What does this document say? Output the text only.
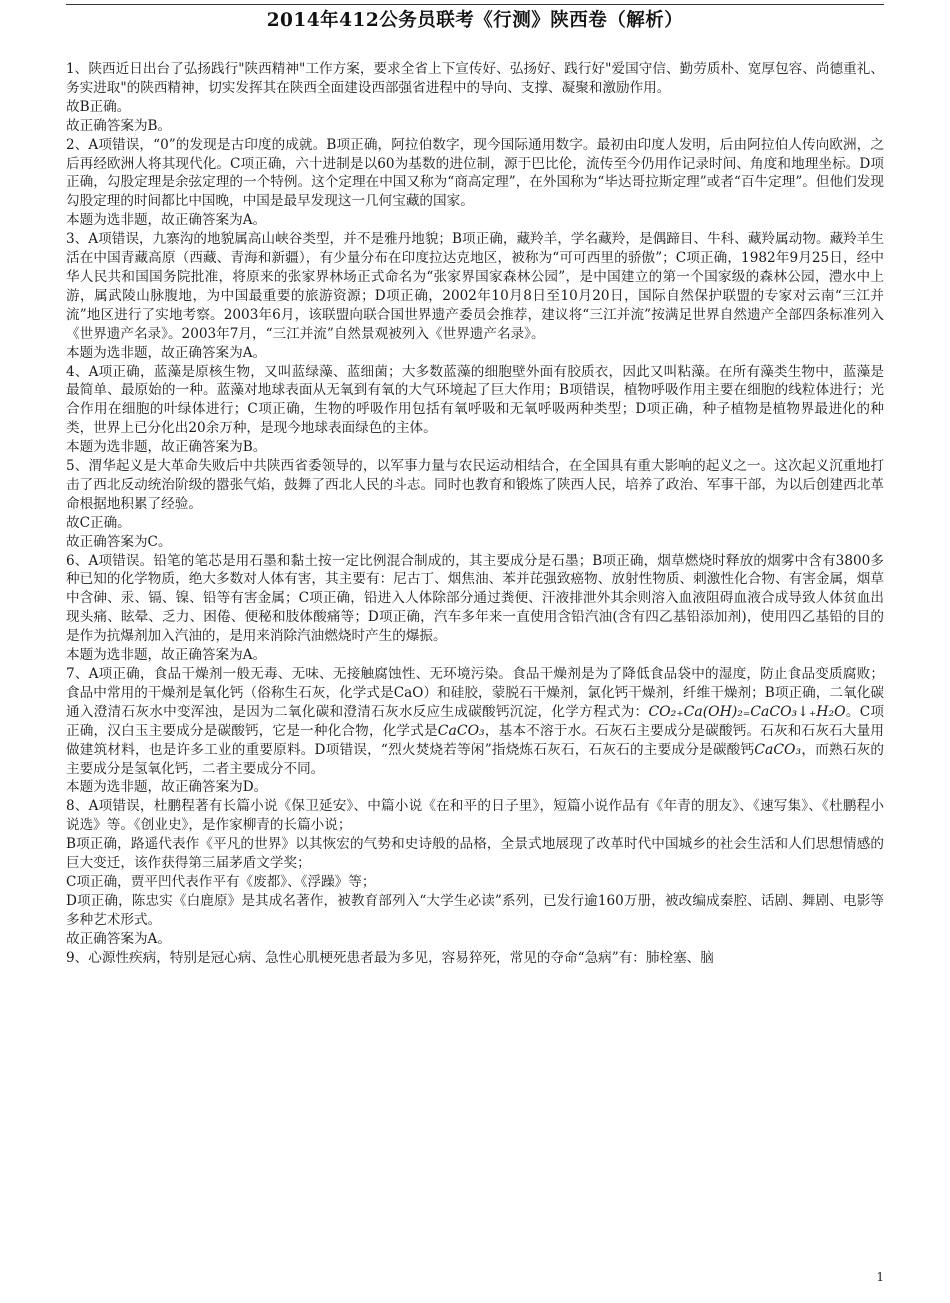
2014年412公务员联考《行测》陕西卷（解析）

1、陕西近日出台了弘扬践行"陕西精神"工作方案，要求全省上下宣传好、弘扬好、践行好"爱国守信、勤劳质朴、宽厚包容、尚德重礼、务实进取"的陕西精神，切实发挥其在陕西全面建设西部强省进程中的导向、支撑、凝聚和激励作用。

故B正确。

故正确答案为B。

2、A项错误，“0”的发现是古印度的成就。B项正确，阿拉伯数字，现今国际通用数字。最初由印度人发明，后由阿拉伯人传向欧洲，之后再经欧洲人将其现代化。C项正确，六十进制是以60为基数的进位制，源于巴比伦，流传至今仍用作记录时间、角度和地理坐标。D项正确，勾股定理是余弦定理的一个特例。这个定理在中国又称为“商高定理”，在外国称为“毕达哥拉斯定理”或者“百牛定理”。但他们发现勾股定理的时间都比中国晚，中国是最早发现这一几何宝藏的国家。

本题为选非题，故正确答案为A。

3、A项错误，九寨沟的地貌属高山峡谷类型，并不是雅丹地貌；B项正确，藏羚羊，学名藏羚，是偶蹄目、牛科、藏羚属动物。藏羚羊生活在中国青藏高原（西藏、青海和新疆），有少量分布在印度拉达克地区，被称为“可可西里的骄傲”；C项正确，1982年9月25日，经中华人民共和国国务院批准，将原来的张家界林场正式命名为“张家界国家森林公园”，是中国建立的第一个国家级的森林公园，澧水中上游，属武陵山脉腹地，为中国最重要的旅游资源；D项正确，2002年10月8日至10月20日，国际自然保护联盟的专家对云南“三江并流”地区进行了实地考察。2003年6月，该联盟向联合国世界遗产委员会推荐，建议将“三江并流”按满足世界自然遗产全部四条标准列入《世界遗产名录》。2003年7月，“三江并流”自然景观被列入《世界遗产名录》。

本题为选非题，故正确答案为A。

4、A项正确，蓝藻是原核生物，又叫蓝绿藻、蓝细菌；大多数蓝藻的细胞壁外面有胶质衣，因此又叫粘藻。在所有藻类生物中，蓝藻是最简单、最原始的一种。蓝藻对地球表面从无氧到有氧的大气环境起了巨大作用；B项错误，植物呼吸作用主要在细胞的线粒体进行；光合作用在细胞的叶绿体进行；C项正确，生物的呼吸作用包括有氧呼吸和无氧呼吸两种类型；D项正确，种子植物是植物界最进化的种类，世界上已分化出20余万种，是现今地球表面绿色的主体。

本题为选非题，故正确答案为B。

5、渭华起义是大革命失败后中共陕西省委领导的，以军事力量与农民运动相结合，在全国具有重大影响的起义之一。这次起义沉重地打击了西北反动统治阶级的嚣张气焰，鼓舞了西北人民的斗志。同时也教育和锻炼了陕西人民，培养了政治、军事干部，为以后创建西北革命根据地积累了经验。

故C正确。

故正确答案为C。

6、A项错误。铅笔的笔芯是用石墨和黏土按一定比例混合制成的，其主要成分是石墨；B项正确，烟草燃烧时释放的烟雾中含有3800多种已知的化学物质，绝大多数对人体有害，其主要有：尼古丁、烟焦油、苯并芘强致癌物、放射性物质、刺激性化合物、有害金属，烟草中含砷、汞、镉、镍、铅等有害金属；C项正确，铅进入人体除部分通过粪便、汗液排泄外其余则溶入血液阻碍血液合成导致人体贫血出现头痛、眩晕、乏力、困倦、便秘和肢体酸痛等；D项正确，汽车多年来一直使用含铅汽油(含有四乙基铅添加剂)，使用四乙基铅的目的是作为抗爆剂加入汽油的，是用来消除汽油燃烧时产生的爆振。

本题为选非题，故正确答案为A。

7、A项正确，食品干燥剂一般无毒、无味、无接触腐蚀性、无环境污染。食品干燥剂是为了降低食品袋中的湿度，防止食品变质腐败；食品中常用的干燥剂是氧化钙（俗称生石灰，化学式是CaO）和硅胶，蒙脱石干燥剂，氯化钙干燥剂，纤维干燥剂；B项正确，二氧化碳通入澄清石灰水中变浑浊，是因为二氧化碳和澄清石灰水反应生成碳酸钙沉淀，化学方程式为：CO₂₊Ca(OH)₂₌CaCO₃↓₊H₂O。C项正确，汉白玉主要成分是碳酸钙，它是一种化合物，化学式是CaCO₃，基本不溶于水。石灰石主要成分是碳酸钙。石灰和石灰石大量用做建筑材料，也是许多工业的重要原料。D项错误，“烈火焚烧若等闲”指烧炼石灰石，石灰石的主要成分是碳酸钙CaCO₃，而熟石灰的主要成分是氢氧化钙，二者主要成分不同。

本题为选非题，故正确答案为D。

8、A项错误，杜鹏程著有长篇小说《保卫延安》、中篇小说《在和平的日子里》，短篇小说作品有《年青的朋友》、《速写集》、《杜鹏程小说选》等。《创业史》，是作家柳青的长篇小说；

B项正确，路遥代表作《平凡的世界》以其恢宏的气势和史诗般的品格，全景式地展现了改革时代中国城乡的社会生活和人们思想情感的巨大变迁，该作获得第三届茅盾文学奖；

C项正确，贾平凹代表作平有《废都》、《浮躁》等；

D项正确，陈忠实《白鹿原》是其成名著作，被教育部列入“大学生必读”系列，已发行逾160万册，被改编成秦腔、话剧、舞剧、电影等多种艺术形式。

故正确答案为A。

9、心源性疾病，特别是冠心病、急性心肌梗死患者最为多见，容易猝死，常见的夺命“急病”有：肺栓塞、脑

1
